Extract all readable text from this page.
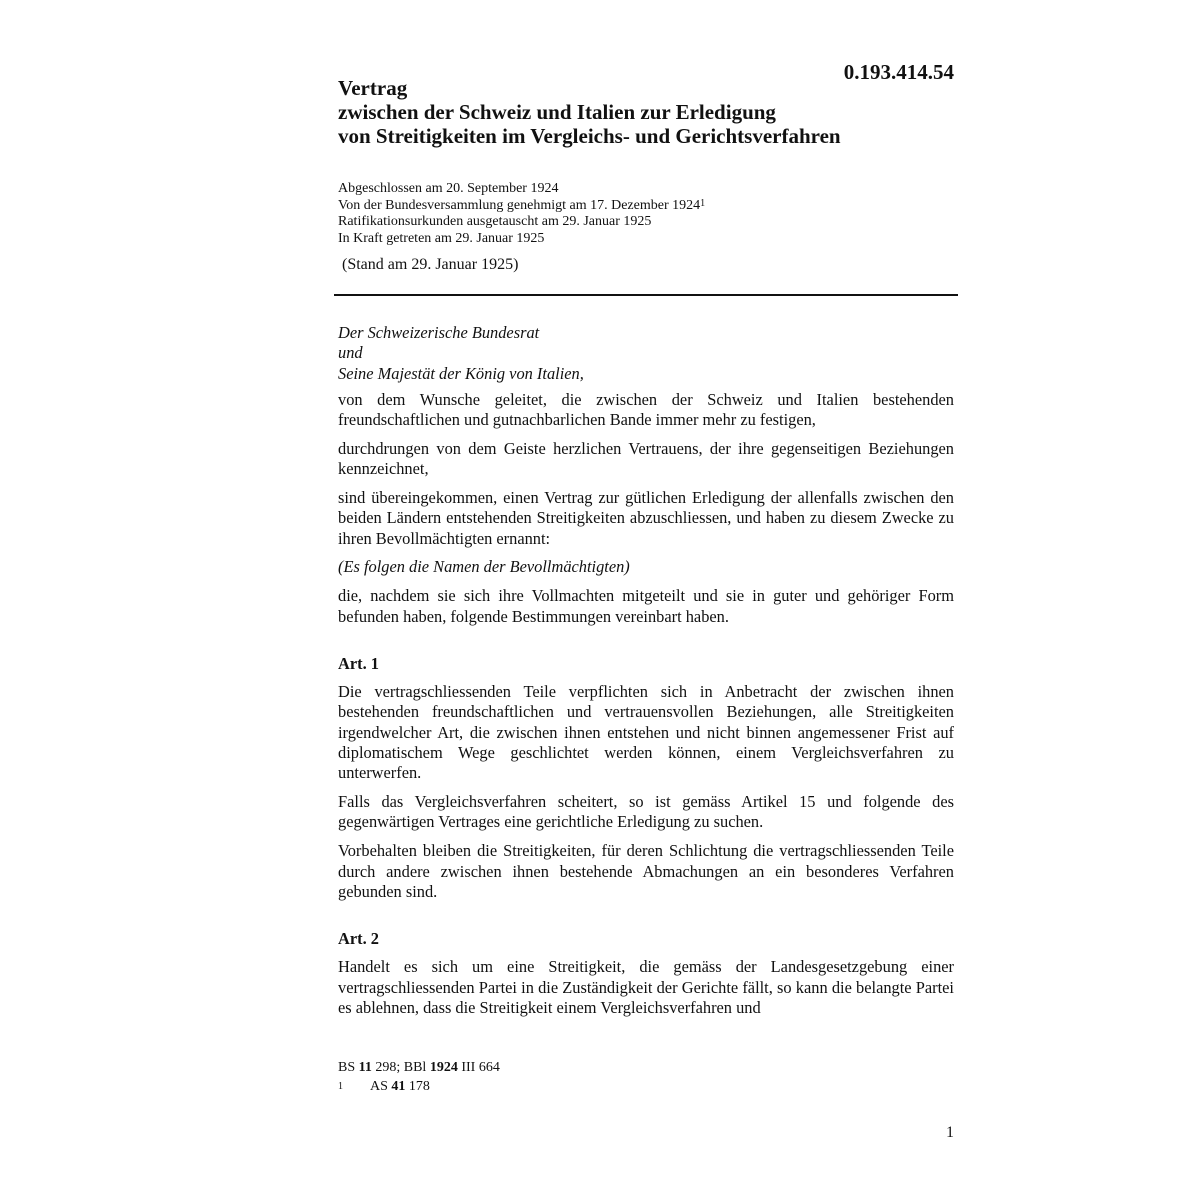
0.193.414.54
Vertrag
zwischen der Schweiz und Italien zur Erledigung
von Streitigkeiten im Vergleichs- und Gerichtsverfahren
Abgeschlossen am 20. September 1924
Von der Bundesversammlung genehmigt am 17. Dezember 1924$^1$
Ratifikationsurkunden ausgetauscht am 29. Januar 1925
In Kraft getreten am 29. Januar 1925
(Stand am 29. Januar 1925)
Der Schweizerische Bundesrat
und
Seine Majestät der König von Italien,

von dem Wunsche geleitet, die zwischen der Schweiz und Italien bestehenden freundschaftlichen und gutnachbarlichen Bande immer mehr zu festigen,

durchdrungen von dem Geiste herzlichen Vertrauens, der ihre gegenseitigen Beziehungen kennzeichnet,

sind übereingekommen, einen Vertrag zur gütlichen Erledigung der allenfalls zwischen den beiden Ländern entstehenden Streitigkeiten abzuschliessen, und haben zu diesem Zwecke zu ihren Bevollmächtigten ernannt:

(Es folgen die Namen der Bevollmächtigten)

die, nachdem sie sich ihre Vollmachten mitgeteilt und sie in guter und gehöriger Form befunden haben, folgende Bestimmungen vereinbart haben.

Art. 1

Die vertragschliessenden Teile verpflichten sich in Anbetracht der zwischen ihnen bestehenden freundschaftlichen und vertrauensvollen Beziehungen, alle Streitigkeiten irgendwelcher Art, die zwischen ihnen entstehen und nicht binnen angemessener Frist auf diplomatischem Wege geschlichtet werden können, einem Vergleichsverfahren zu unterwerfen.

Falls das Vergleichsverfahren scheitert, so ist gemäss Artikel 15 und folgende des gegenwärtigen Vertrages eine gerichtliche Erledigung zu suchen.

Vorbehalten bleiben die Streitigkeiten, für deren Schlichtung die vertragschliessenden Teile durch andere zwischen ihnen bestehende Abmachungen an ein besonderes Verfahren gebunden sind.

Art. 2

Handelt es sich um eine Streitigkeit, die gemäss der Landesgesetzgebung einer vertragschliessenden Partei in die Zuständigkeit der Gerichte fällt, so kann die belangte Partei es ablehnen, dass die Streitigkeit einem Vergleichsverfahren und

BS 11 298; BBl 1924 III 664
1 AS 41 178
1
